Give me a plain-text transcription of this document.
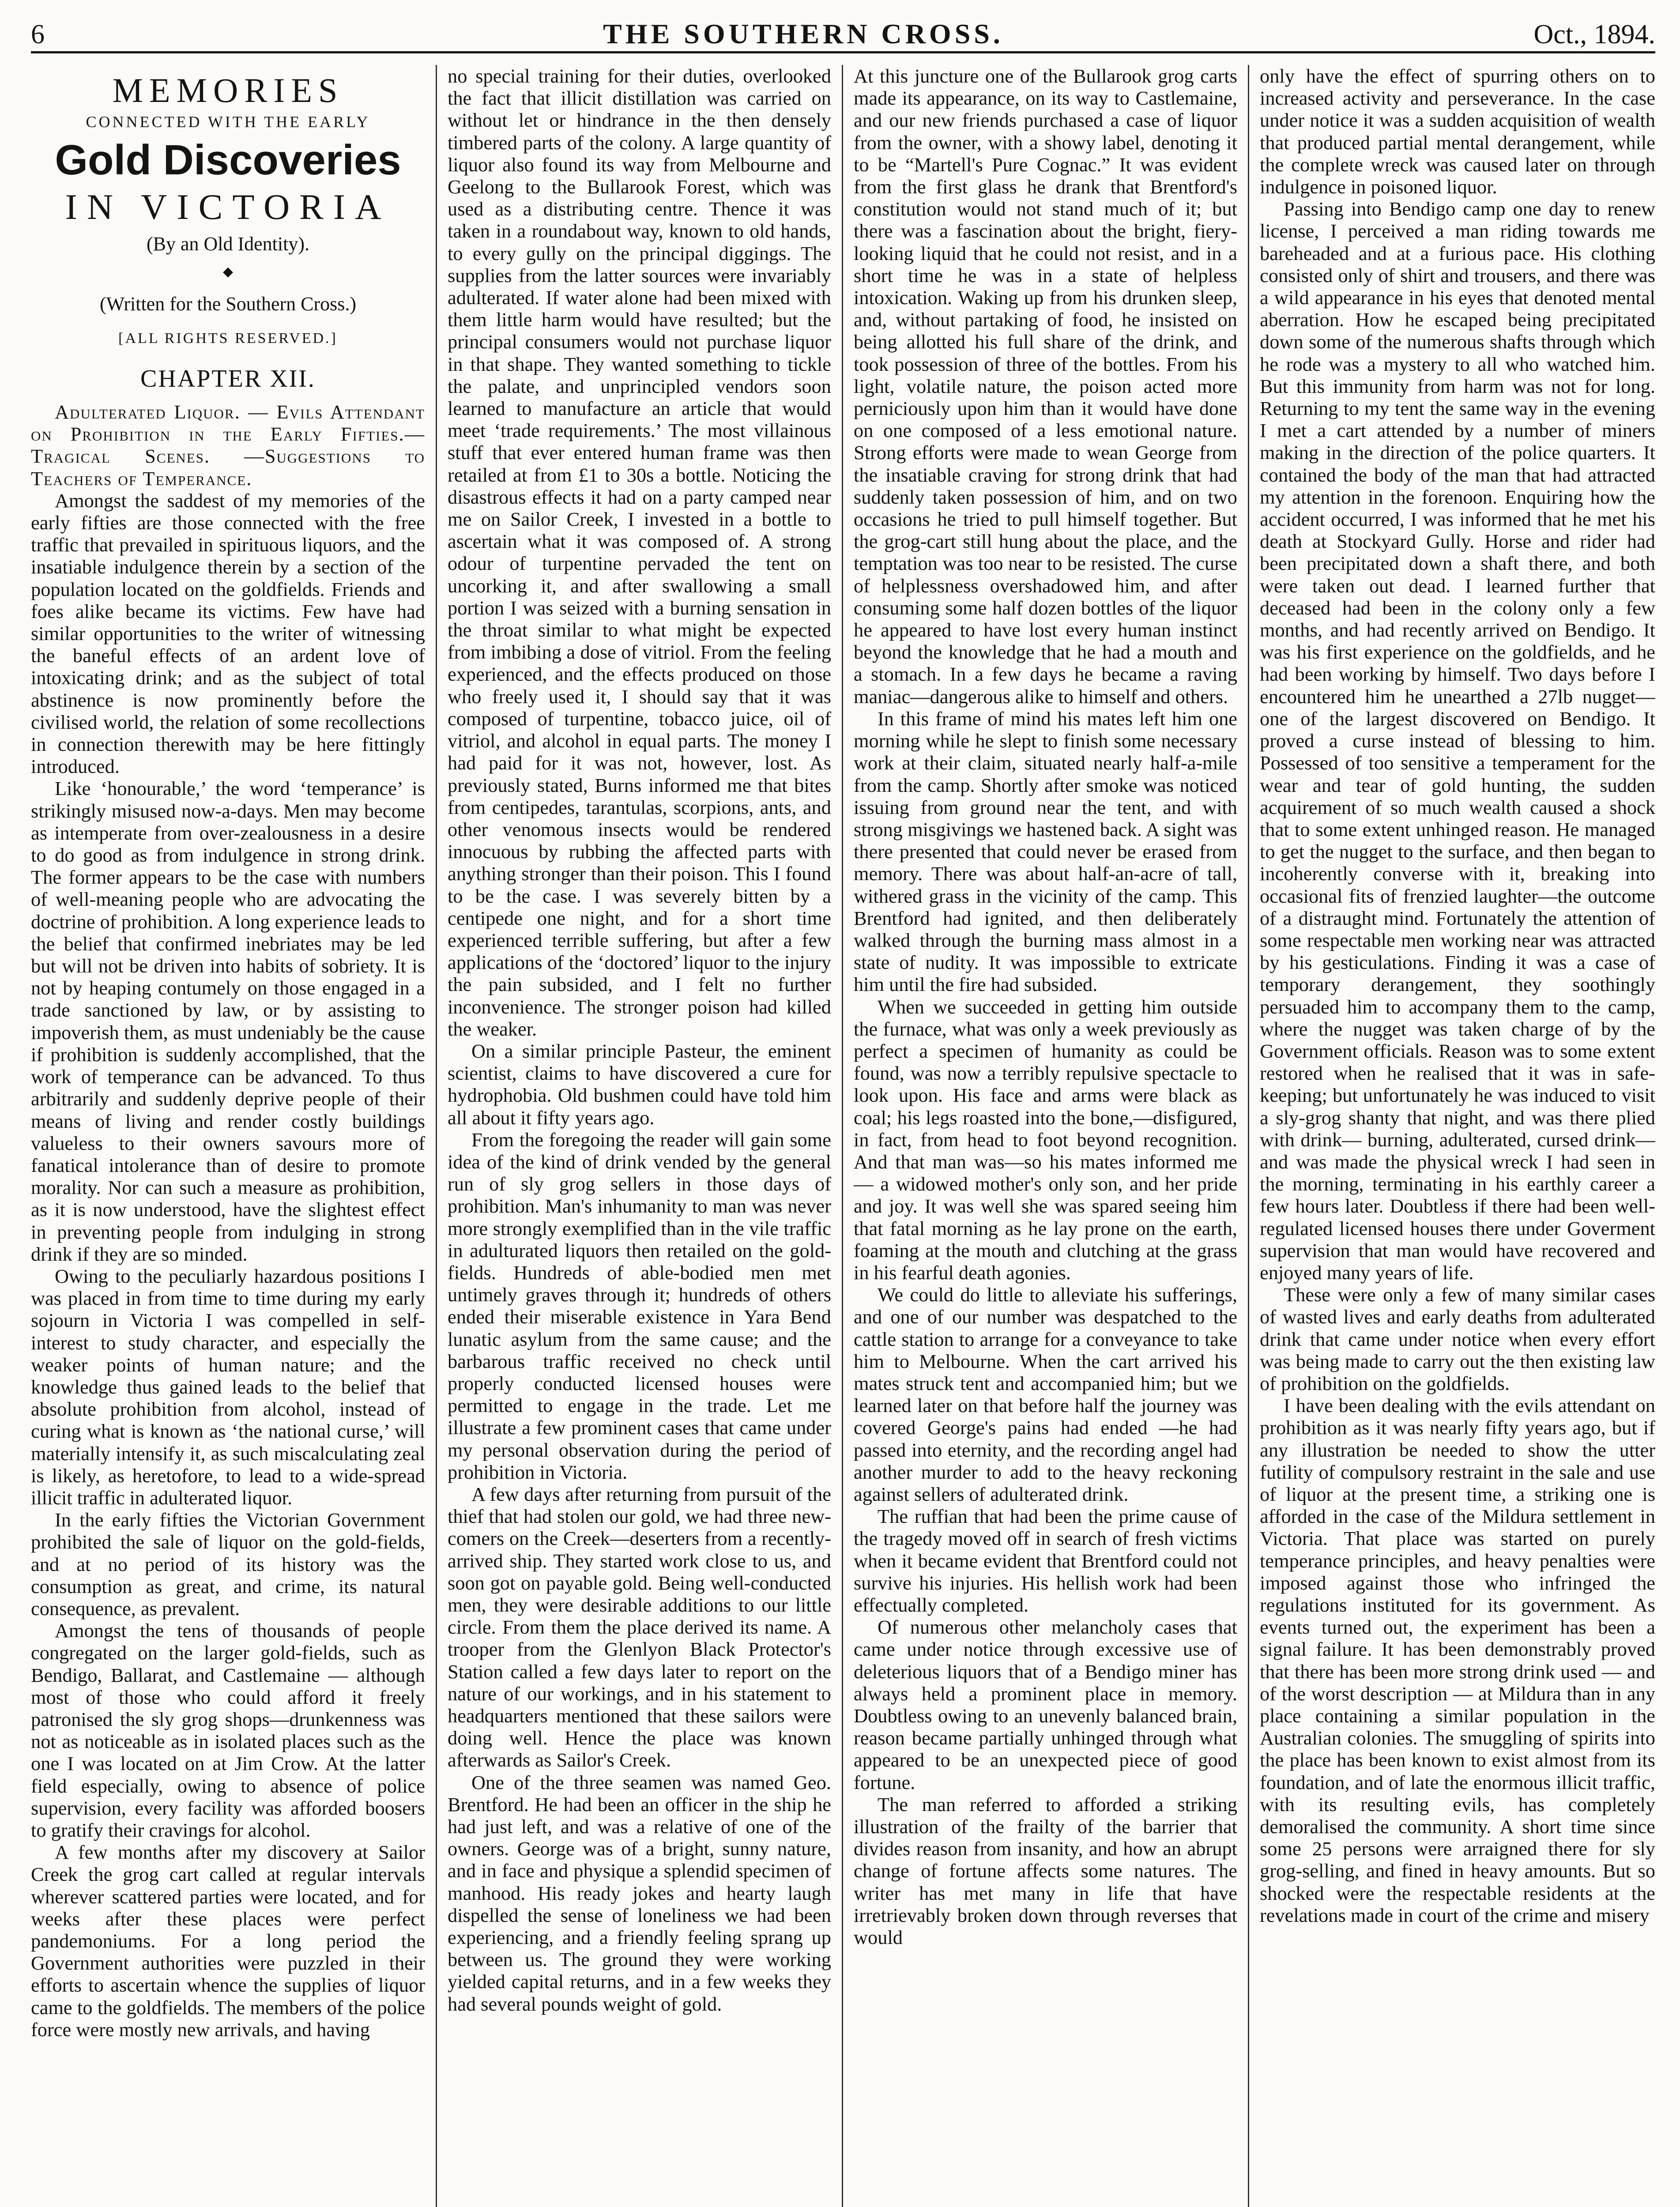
6	THE SOUTHERN CROSS.	Oct., 1894.
MEMORIES
CONNECTED WITH THE EARLY
Gold Discoveries
IN VICTORIA
(By an Old Identity).
◆
(Written for the Southern Cross.)
[ALL RIGHTS RESERVED.]
CHAPTER XII.

Adulterated Liquor. — Evils Attendant on Prohibition in the Early Fifties.— Tragical Scenes. —Suggestions to Teachers of Temperance.

Amongst the saddest of my memories of the early fifties are those connected with the free traffic that prevailed in spirituous liquors, and the insatiable indulgence therein by a section of the population located on the goldfields. Friends and foes alike became its victims. Few have had similar opportunities to the writer of witnessing the baneful effects of an ardent love of intoxicating drink; and as the subject of total abstinence is now prominently before the civilised world, the relation of some recollections in connection therewith may be here fittingly introduced.

Like ‘honourable,’ the word ‘temperance’ is strikingly misused now-a-days. Men may become as intemperate from over-zealousness in a desire to do good as from indulgence in strong drink. The former appears to be the case with numbers of well-meaning people who are advocating the doctrine of prohibition. A long experience leads to the belief that confirmed inebriates may be led but will not be driven into habits of sobriety. It is not by heaping contumely on those engaged in a trade sanctioned by law, or by assisting to impoverish them, as must undeniably be the cause if prohibition is suddenly accomplished, that the work of temperance can be advanced. To thus arbitrarily and suddenly deprive people of their means of living and render costly buildings valueless to their owners savours more of fanatical intolerance than of desire to promote morality. Nor can such a measure as prohibition, as it is now understood, have the slightest effect in preventing people from indulging in strong drink if they are so minded.

Owing to the peculiarly hazardous positions I was placed in from time to time during my early sojourn in Victoria I was compelled in self-interest to study character, and especially the weaker points of human nature; and the knowledge thus gained leads to the belief that absolute prohibition from alcohol, instead of curing what is known as ‘the national curse,’ will materially intensify it, as such miscalculating zeal is likely, as heretofore, to lead to a wide-spread illicit traffic in adulterated liquor.

In the early fifties the Victorian Government prohibited the sale of liquor on the gold-fields, and at no period of its history was the consumption as great, and crime, its natural consequence, as prevalent.

Amongst the tens of thousands of people congregated on the larger gold-fields, such as Bendigo, Ballarat, and Castlemaine — although most of those who could afford it freely patronised the sly grog shops—drunkenness was not as noticeable as in isolated places such as the one I was located on at Jim Crow. At the latter field especially, owing to absence of police supervision, every facility was afforded boosers to gratify their cravings for alcohol.

A few months after my discovery at Sailor Creek the grog cart called at regular intervals wherever scattered parties were located, and for weeks after these places were perfect pandemoniums. For a long period the Government authorities were puzzled in their efforts to ascertain whence the supplies of liquor came to the goldfields. The members of the police force were mostly new arrivals, and having

no special training for their duties, overlooked the fact that illicit distillation was carried on without let or hindrance in the then densely timbered parts of the colony. A large quantity of liquor also found its way from Melbourne and Geelong to the Bullarook Forest, which was used as a distributing centre. Thence it was taken in a roundabout way, known to old hands, to every gully on the principal diggings. The supplies from the latter sources were invariably adulterated. If water alone had been mixed with them little harm would have resulted; but the principal consumers would not purchase liquor in that shape. They wanted something to tickle the palate, and unprincipled vendors soon learned to manufacture an article that would meet ‘trade requirements.’ The most villainous stuff that ever entered human frame was then retailed at from £1 to 30s a bottle. Noticing the disastrous effects it had on a party camped near me on Sailor Creek, I invested in a bottle to ascertain what it was composed of. A strong odour of turpentine pervaded the tent on uncorking it, and after swallowing a small portion I was seized with a burning sensation in the throat similar to what might be expected from imbibing a dose of vitriol. From the feeling experienced, and the effects produced on those who freely used it, I should say that it was composed of turpentine, tobacco juice, oil of vitriol, and alcohol in equal parts. The money I had paid for it was not, however, lost. As previously stated, Burns informed me that bites from centipedes, tarantulas, scorpions, ants, and other venomous insects would be rendered innocuous by rubbing the affected parts with anything stronger than their poison. This I found to be the case. I was severely bitten by a centipede one night, and for a short time experienced terrible suffering, but after a few applications of the ‘doctored’ liquor to the injury the pain subsided, and I felt no further inconvenience. The stronger poison had killed the weaker.

On a similar principle Pasteur, the eminent scientist, claims to have discovered a cure for hydrophobia. Old bushmen could have told him all about it fifty years ago.

From the foregoing the reader will gain some idea of the kind of drink vended by the general run of sly grog sellers in those days of prohibition. Man's inhumanity to man was never more strongly exemplified than in the vile traffic in adulturated liquors then retailed on the gold-fields. Hundreds of able-bodied men met untimely graves through it; hundreds of others ended their miserable existence in Yara Bend lunatic asylum from the same cause; and the barbarous traffic received no check until properly conducted licensed houses were permitted to engage in the trade. Let me illustrate a few prominent cases that came under my personal observation during the period of prohibition in Victoria.

A few days after returning from pursuit of the thief that had stolen our gold, we had three new-comers on the Creek—deserters from a recently-arrived ship. They started work close to us, and soon got on payable gold. Being well-conducted men, they were desirable additions to our little circle. From them the place derived its name. A trooper from the Glenlyon Black Protector's Station called a few days later to report on the nature of our workings, and in his statement to headquarters mentioned that these sailors were doing well. Hence the place was known afterwards as Sailor's Creek.

One of the three seamen was named Geo. Brentford. He had been an officer in the ship he had just left, and was a relative of one of the owners. George was of a bright, sunny nature, and in face and physique a splendid specimen of manhood. His ready jokes and hearty laugh dispelled the sense of loneliness we had been experiencing, and a friendly feeling sprang up between us. The ground they were working yielded capital returns, and in a few weeks they had several pounds weight of gold.

At this juncture one of the Bullarook grog carts made its appearance, on its way to Castlemaine, and our new friends purchased a case of liquor from the owner, with a showy label, denoting it to be “Martell's Pure Cognac.” It was evident from the first glass he drank that Brentford's constitution would not stand much of it; but there was a fascination about the bright, fiery-looking liquid that he could not resist, and in a short time he was in a state of helpless intoxication. Waking up from his drunken sleep, and, without partaking of food, he insisted on being allotted his full share of the drink, and took possession of three of the bottles. From his light, volatile nature, the poison acted more perniciously upon him than it would have done on one composed of a less emotional nature. Strong efforts were made to wean George from the insatiable craving for strong drink that had suddenly taken possession of him, and on two occasions he tried to pull himself together. But the grog-cart still hung about the place, and the temptation was too near to be resisted. The curse of helplessness overshadowed him, and after consuming some half dozen bottles of the liquor he appeared to have lost every human instinct beyond the knowledge that he had a mouth and a stomach. In a few days he became a raving maniac—dangerous alike to himself and others.

In this frame of mind his mates left him one morning while he slept to finish some necessary work at their claim, situated nearly half-a-mile from the camp. Shortly after smoke was noticed issuing from ground near the tent, and with strong misgivings we hastened back. A sight was there presented that could never be erased from memory. There was about half-an-acre of tall, withered grass in the vicinity of the camp. This Brentford had ignited, and then deliberately walked through the burning mass almost in a state of nudity. It was impossible to extricate him until the fire had subsided.

When we succeeded in getting him outside the furnace, what was only a week previously as perfect a specimen of humanity as could be found, was now a terribly repulsive spectacle to look upon. His face and arms were black as coal; his legs roasted into the bone,—disfigured, in fact, from head to foot beyond recognition. And that man was—so his mates informed me — a widowed mother's only son, and her pride and joy. It was well she was spared seeing him that fatal morning as he lay prone on the earth, foaming at the mouth and clutching at the grass in his fearful death agonies.

We could do little to alleviate his sufferings, and one of our number was despatched to the cattle station to arrange for a conveyance to take him to Melbourne. When the cart arrived his mates struck tent and accompanied him; but we learned later on that before half the journey was covered George's pains had ended —he had passed into eternity, and the recording angel had another murder to add to the heavy reckoning against sellers of adulterated drink.

The ruffian that had been the prime cause of the tragedy moved off in search of fresh victims when it became evident that Brentford could not survive his injuries. His hellish work had been effectually completed.

Of numerous other melancholy cases that came under notice through excessive use of deleterious liquors that of a Bendigo miner has always held a prominent place in memory. Doubtless owing to an unevenly balanced brain, reason became partially unhinged through what appeared to be an unexpected piece of good fortune.

The man referred to afforded a striking illustration of the frailty of the barrier that divides reason from insanity, and how an abrupt change of fortune affects some natures. The writer has met many in life that have irretrievably broken down through reverses that would

only have the effect of spurring others on to increased activity and perseverance. In the case under notice it was a sudden acquisition of wealth that produced partial mental derangement, while the complete wreck was caused later on through indulgence in poisoned liquor.

Passing into Bendigo camp one day to renew license, I perceived a man riding towards me bareheaded and at a furious pace. His clothing consisted only of shirt and trousers, and there was a wild appearance in his eyes that denoted mental aberration. How he escaped being precipitated down some of the numerous shafts through which he rode was a mystery to all who watched him. But this immunity from harm was not for long. Returning to my tent the same way in the evening I met a cart attended by a number of miners making in the direction of the police quarters. It contained the body of the man that had attracted my attention in the forenoon. Enquiring how the accident occurred, I was informed that he met his death at Stockyard Gully. Horse and rider had been precipitated down a shaft there, and both were taken out dead. I learned further that deceased had been in the colony only a few months, and had recently arrived on Bendigo. It was his first experience on the goldfields, and he had been working by himself. Two days before I encountered him he unearthed a 27lb nugget—one of the largest discovered on Bendigo. It proved a curse instead of blessing to him. Possessed of too sensitive a temperament for the wear and tear of gold hunting, the sudden acquirement of so much wealth caused a shock that to some extent unhinged reason. He managed to get the nugget to the surface, and then began to incoherently converse with it, breaking into occasional fits of frenzied laughter—the outcome of a distraught mind. Fortunately the attention of some respectable men working near was attracted by his gesticulations. Finding it was a case of temporary derangement, they soothingly persuaded him to accompany them to the camp, where the nugget was taken charge of by the Government officials. Reason was to some extent restored when he realised that it was in safe-keeping; but unfortunately he was induced to visit a sly-grog shanty that night, and was there plied with drink— burning, adulterated, cursed drink—and was made the physical wreck I had seen in the morning, terminating in his earthly career a few hours later. Doubtless if there had been well-regulated licensed houses there under Goverment supervision that man would have recovered and enjoyed many years of life.

These were only a few of many similar cases of wasted lives and early deaths from adulterated drink that came under notice when every effort was being made to carry out the then existing law of prohibition on the goldfields.

I have been dealing with the evils attendant on prohibition as it was nearly fifty years ago, but if any illustration be needed to show the utter futility of compulsory restraint in the sale and use of liquor at the present time, a striking one is afforded in the case of the Mildura settlement in Victoria. That place was started on purely temperance principles, and heavy penalties were imposed against those who infringed the regulations instituted for its government. As events turned out, the experiment has been a signal failure. It has been demonstrably proved that there has been more strong drink used — and of the worst description — at Mildura than in any place containing a similar population in the Australian colonies. The smuggling of spirits into the place has been known to exist almost from its foundation, and of late the enormous illicit traffic, with its resulting evils, has completely demoralised the community. A short time since some 25 persons were arraigned there for sly grog-selling, and fined in heavy amounts. But so shocked were the respectable residents at the revelations made in court of the crime and misery
